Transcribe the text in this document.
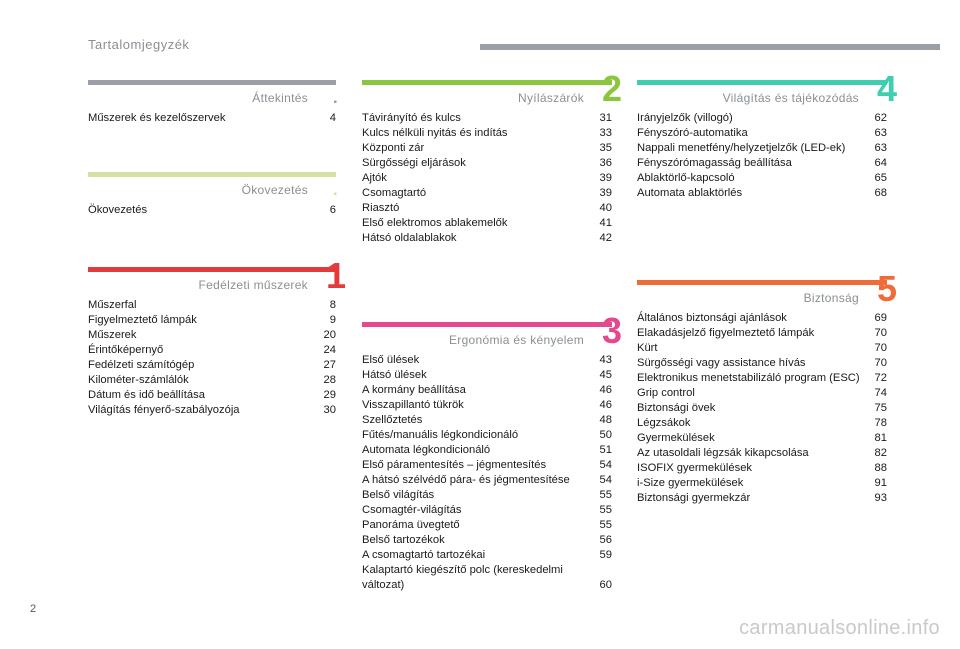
Tartalomjegyzék
Áttekintés	▪
Műszerek és kezelőszervek	4
Ökovezetés	▪
Ökovezetés	6
Fedélzeti műszerek 1
Műszerfal	8
Figyelmeztető lámpák	9
Műszerek	20
Érintőképernyő	24
Fedélzeti számítógép	27
Kilométer-számlálók	28
Dátum és idő beállítása	29
Világítás fényerő-szabályozója	30
Nyílászárók 2
Távirányító és kulcs	31
Kulcs nélküli nyitás és indítás	33
Központi zár	35
Sürgősségi eljárások	36
Ajtók	39
Csomagtartó	39
Riasztó	40
Első elektromos ablakemelők	41
Hátsó oldalablakok	42
Ergonómia és kényelem 3
Első ülések	43
Hátsó ülések	45
A kormány beállítása	46
Visszapillantó tükrök	46
Szellőztetés	48
Fűtés/manuális légkondicionáló	50
Automata légkondicionáló	51
Első páramentesítés – jégmentesítés	54
A hátsó szélvédő pára- és jégmentesítése	54
Belső világítás	55
Csomagtér-világítás	55
Panoráma üvegtető	55
Belső tartozékok	56
A csomagtartó tartozékai	59
Kalaptartó kiegészítő polc (kereskedelmi változat)	60
Világítás és tájékozódás 4
Irányjelzők (villogó)	62
Fényszóró-automatika	63
Nappali menetfény/helyzetjelzők (LED-ek)	63
Fényszórómagasság beállítása	64
Ablaktörlő-kapcsoló	65
Automata ablaktörlés	68
Biztonság 5
Általános biztonsági ajánlások	69
Elakadásjelző figyelmeztető lámpák	70
Kürt	70
Sürgősségi vagy assistance hívás	70
Elektronikus menetstabilizáló program (ESC)	72
Grip control	74
Biztonsági övek	75
Légzsákok	78
Gyermekülések	81
Az utasoldali légzsák kikapcsolása	82
ISOFIX gyermekülések	88
i-Size gyermekülések	91
Biztonsági gyermekzár	93
2
carmanualsonline.info
